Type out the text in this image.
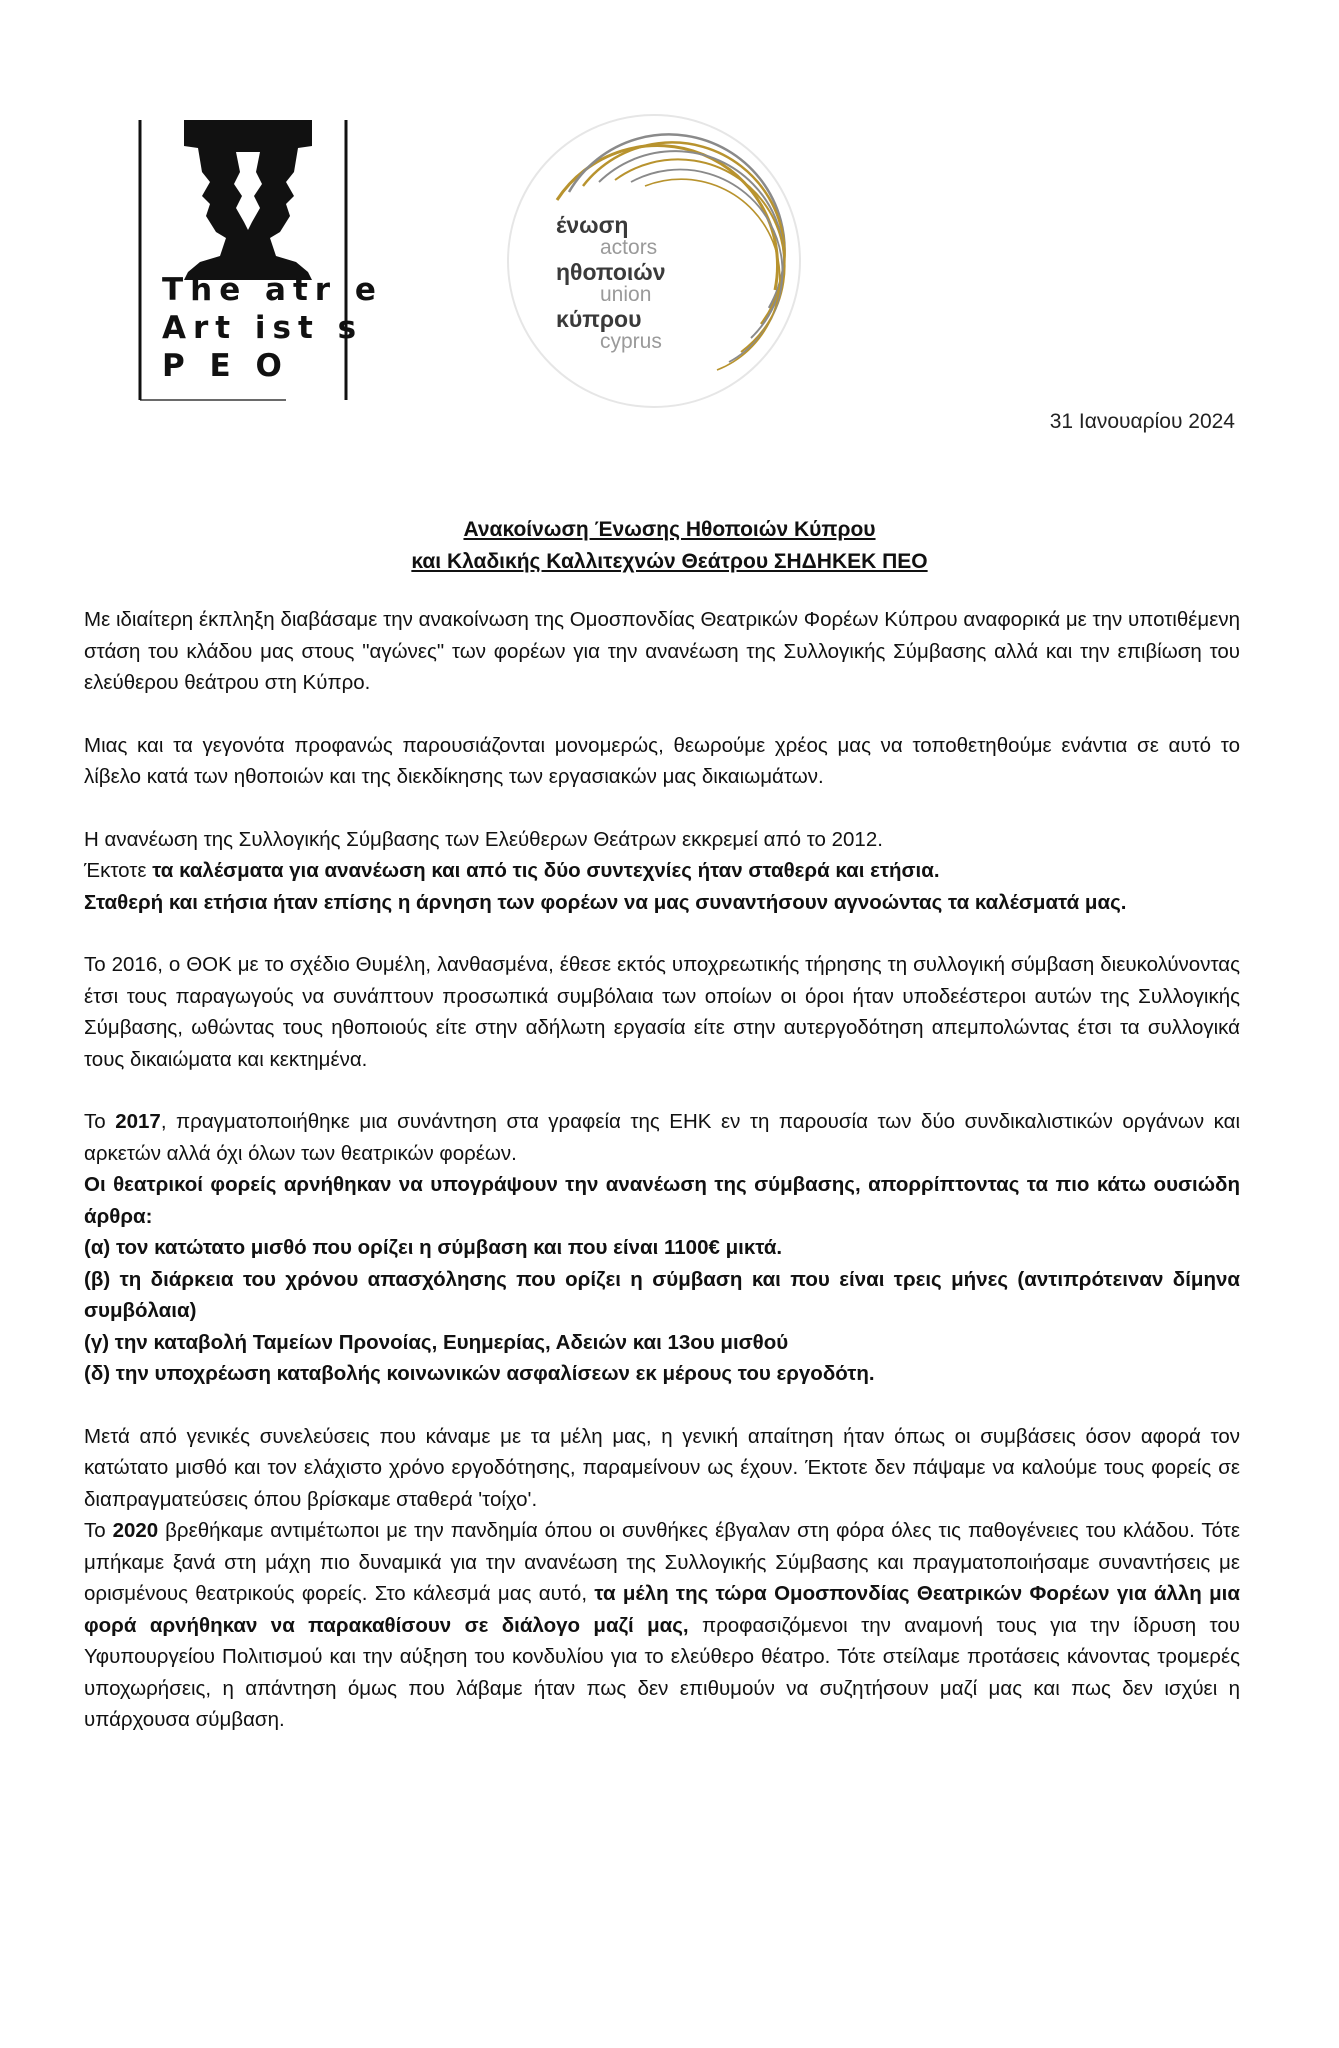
The atr e
Art ist s
P E O
ένωση
actors
ηθοποιών
union
κύπρου
cyprus
31 Ιανουαρίου 2024
Ανακοίνωση Ένωσης Ηθοποιών Κύπρου
και Κλαδικής Καλλιτεχνών Θεάτρου ΣΗΔΗΚΕΚ ΠΕΟ

Με ιδιαίτερη έκπληξη διαβάσαμε την ανακοίνωση της Ομοσπονδίας Θεατρικών Φορέων Κύπρου αναφορικά με την υποτιθέμενη στάση του κλάδου μας στους "αγώνες" των φορέων για την ανανέωση της Συλλογικής Σύμβασης αλλά και την επιβίωση του ελεύθερου θεάτρου στη Κύπρο.

Μιας και τα γεγονότα προφανώς παρουσιάζονται μονομερώς, θεωρούμε χρέος μας να τοποθετηθούμε ενάντια σε αυτό το λίβελο κατά των ηθοποιών και της διεκδίκησης των εργασιακών μας δικαιωμάτων.

Η ανανέωση της Συλλογικής Σύμβασης των Ελεύθερων Θεάτρων εκκρεμεί από το 2012.

Έκτοτε τα καλέσματα για ανανέωση και από τις δύο συντεχνίες ήταν σταθερά και ετήσια.

Σταθερή και ετήσια ήταν επίσης η άρνηση των φορέων να μας συναντήσουν αγνοώντας τα καλέσματά μας.

Το 2016, ο ΘΟΚ με το σχέδιο Θυμέλη, λανθασμένα, έθεσε εκτός υποχρεωτικής τήρησης τη συλλογική σύμβαση διευκολύνοντας έτσι τους παραγωγούς να συνάπτουν προσωπικά συμβόλαια των οποίων οι όροι ήταν υποδεέστεροι αυτών της Συλλογικής Σύμβασης, ωθώντας τους ηθοποιούς είτε στην αδήλωτη εργασία είτε στην αυτεργοδότηση απεμπολώντας έτσι τα συλλογικά τους δικαιώματα και κεκτημένα.

Το 2017, πραγματοποιήθηκε μια συνάντηση στα γραφεία της ΕΗΚ εν τη παρουσία των δύο συνδικαλιστικών οργάνων και αρκετών αλλά όχι όλων των θεατρικών φορέων.

Οι θεατρικοί φορείς αρνήθηκαν να υπογράψουν την ανανέωση της σύμβασης, απορρίπτοντας τα πιο κάτω ουσιώδη άρθρα:

(α) τον κατώτατο μισθό που ορίζει η σύμβαση και που είναι 1100€ μικτά.

(β) τη διάρκεια του χρόνου απασχόλησης που ορίζει η σύμβαση και που είναι τρεις μήνες (αντιπρότειναν δίμηνα συμβόλαια)

(γ) την καταβολή Ταμείων Προνοίας, Ευημερίας, Αδειών και 13ου μισθού

(δ) την υποχρέωση καταβολής κοινωνικών ασφαλίσεων εκ μέρους του εργοδότη.

Μετά από γενικές συνελεύσεις που κάναμε με τα μέλη μας, η γενική απαίτηση ήταν όπως οι συμβάσεις όσον αφορά τον κατώτατο μισθό και τον ελάχιστο χρόνο εργοδότησης, παραμείνουν ως έχουν. Έκτοτε δεν πάψαμε να καλούμε τους φορείς σε διαπραγματεύσεις όπου βρίσκαμε σταθερά 'τοίχο'.

Το 2020 βρεθήκαμε αντιμέτωποι με την πανδημία όπου οι συνθήκες έβγαλαν στη φόρα όλες τις παθογένειες του κλάδου. Τότε μπήκαμε ξανά στη μάχη πιο δυναμικά για την ανανέωση της Συλλογικής Σύμβασης και πραγματοποιήσαμε συναντήσεις με ορισμένους θεατρικούς φορείς. Στο κάλεσμά μας αυτό, τα μέλη της τώρα Ομοσπονδίας Θεατρικών Φορέων για άλλη μια φορά αρνήθηκαν να παρακαθίσουν σε διάλογο μαζί μας, προφασιζόμενοι την αναμονή τους για την ίδρυση του Υφυπουργείου Πολιτισμού και την αύξηση του κονδυλίου για το ελεύθερο θέατρο. Τότε στείλαμε προτάσεις κάνοντας τρομερές υποχωρήσεις, η απάντηση όμως που λάβαμε ήταν πως δεν επιθυμούν να συζητήσουν μαζί μας και πως δεν ισχύει η υπάρχουσα σύμβαση.
